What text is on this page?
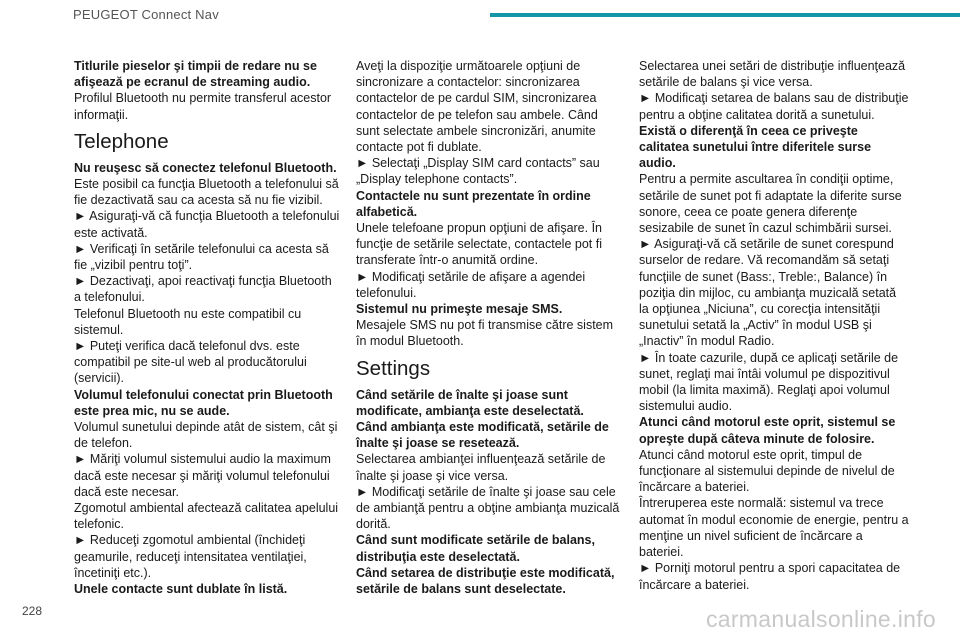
PEUGEOT Connect Nav

Titlurile pieselor şi timpii de redare nu se afişează pe ecranul de streaming audio.

Profilul Bluetooth nu permite transferul acestor informaţii.

Telephone

Nu reuşesc să conectez telefonul Bluetooth.

Este posibil ca funcţia Bluetooth a telefonului să fie dezactivată sau ca acesta să nu fie vizibil.

► Asiguraţi-vă că funcţia Bluetooth a telefonului este activată.

► Verificaţi în setările telefonului ca acesta să fie „vizibil pentru toţi”.

► Dezactivaţi, apoi reactivaţi funcţia Bluetooth a telefonului.

Telefonul Bluetooth nu este compatibil cu sistemul.

► Puteţi verifica dacă telefonul dvs. este compatibil pe site-ul web al producătorului (servicii).

Volumul telefonului conectat prin Bluetooth este prea mic, nu se aude.

Volumul sunetului depinde atât de sistem, cât şi de telefon.

► Măriţi volumul sistemului audio la maximum dacă este necesar şi măriţi volumul telefonului dacă este necesar.

Zgomotul ambiental afectează calitatea apelului telefonic.

► Reduceţi zgomotul ambiental (închideţi geamurile, reduceţi intensitatea ventilaţiei, încetiniţi etc.).

Unele contacte sunt dublate în listă.

Aveţi la dispoziţie următoarele opţiuni de sincronizare a contactelor: sincronizarea contactelor de pe cardul SIM, sincronizarea contactelor de pe telefon sau ambele. Când sunt selectate ambele sincronizări, anumite contacte pot fi dublate.

► Selectaţi „Display SIM card contacts” sau „Display telephone contacts”.

Contactele nu sunt prezentate în ordine alfabetică.

Unele telefoane propun opţiuni de afişare. În funcţie de setările selectate, contactele pot fi transferate într-o anumită ordine.

► Modificaţi setările de afişare a agendei telefonului.

Sistemul nu primeşte mesaje SMS.

Mesajele SMS nu pot fi transmise către sistem în modul Bluetooth.

Settings

Când setările de înalte şi joase sunt modificate, ambianţa este deselectată.

Când ambianţa este modificată, setările de înalte şi joase se resetează.

Selectarea ambianţei influenţează setările de înalte şi joase şi vice versa.

► Modificaţi setările de înalte şi joase sau cele de ambianţă pentru a obţine ambianţa muzicală dorită.

Când sunt modificate setările de balans, distribuţia este deselectată.

Când setarea de distribuţie este modificată, setările de balans sunt deselectate.

Selectarea unei setări de distribuţie influenţează setările de balans şi vice versa.

► Modificaţi setarea de balans sau de distribuţie pentru a obţine calitatea dorită a sunetului.

Există o diferenţă în ceea ce priveşte calitatea sunetului între diferitele surse audio.

Pentru a permite ascultarea în condiţii optime, setările de sunet pot fi adaptate la diferite surse sonore, ceea ce poate genera diferenţe sesizabile de sunet în cazul schimbării sursei.

► Asiguraţi-vă că setările de sunet corespund surselor de redare. Vă recomandăm să setaţi funcţiile de sunet (Bass:, Treble:, Balance) în poziţia din mijloc, cu ambianţa muzicală setată la opţiunea „Niciuna”, cu corecţia intensităţii sunetului setată la „Activ” în modul USB şi „Inactiv” în modul Radio.

► În toate cazurile, după ce aplicaţi setările de sunet, reglaţi mai întâi volumul pe dispozitivul mobil (la limita maximă). Reglaţi apoi volumul sistemului audio.

Atunci când motorul este oprit, sistemul se opreşte după câteva minute de folosire.

Atunci când motorul este oprit, timpul de funcţionare al sistemului depinde de nivelul de încărcare a bateriei.

Întreruperea este normală: sistemul va trece automat în modul economie de energie, pentru a menţine un nivel suficient de încărcare a bateriei.

► Porniţi motorul pentru a spori capacitatea de încărcare a bateriei.

228	carmanualsonline.info
